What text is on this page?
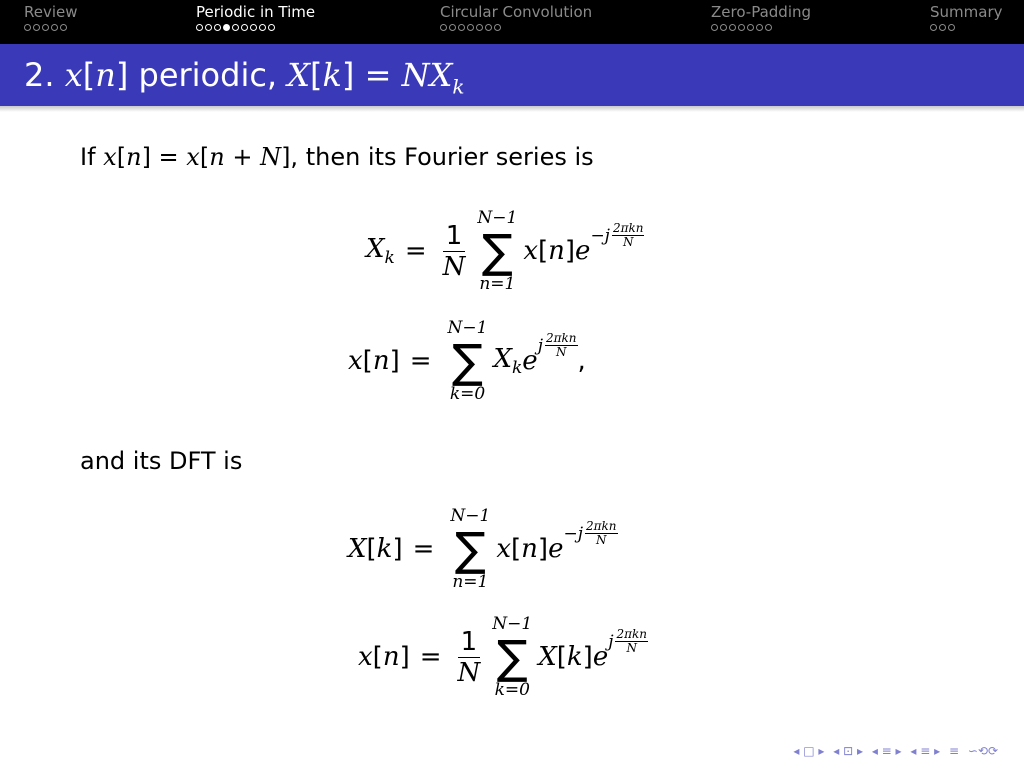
Review	Periodic in Time	Circular Convolution	Zero-Padding	Summary
2. x[n] periodic, $X[k] = NX_k$
If x[n] = x[n + N], then its Fourier series is
$X_k = \frac{1}{N}$
N−1
∑
n=1
x [ n ] e
$-j \frac{\text{2πkn}}{N}$
x [ n ] =
N−1
∑
k=0
$X_k$ e
j $\frac{\text{2πkn}}{N}$
,
and its DFT is
X [ k ] =
N−1
∑
n=1
x [ n ] e
$-j \frac{\text{2πkn}}{N}$
x [ n ] = $\frac{1}{N}$
N−1
∑
k=0
X [ k ] e
j $\frac{\text{2πkn}}{N}$
◂ □ ▸ ◂ ⊡ ▸ ◂ ≡ ▸ ◂ ≡ ▸ ≡ ∽⟲⟳
